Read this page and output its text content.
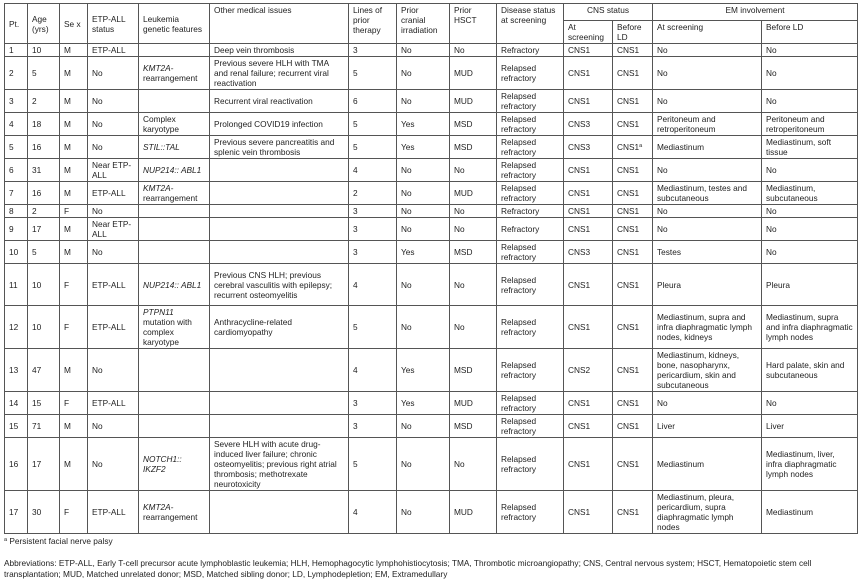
Pt.	Age (yrs)	Se x	ETP-ALL status	Leukemia genetic features	Other medical issues	Lines of prior therapy	Prior cranial irradiation	Prior HSCT	Disease status at screening	CNS status		EM involvement	
										At screening	Before LD	At screening	Before LD
1	10	M	ETP-ALL		Deep vein thrombosis	3	No	No	Refractory	CNS1	CNS1	No	No
2	5	M	No	KMT2A-
rearrangement	Previous severe HLH with TMA and renal failure; recurrent viral reactivation	5	No	MUD	Relapsed refractory	CNS1	CNS1	No	No
3	2	M	No		Recurrent viral reactivation	6	No	MUD	Relapsed refractory	CNS1	CNS1	No	No
4	18	M	No	Complex karyotype	Prolonged COVID19 infection	5	Yes	MSD	Relapsed refractory	CNS3	CNS1	Peritoneum and retroperitoneum	Peritoneum and retroperitoneum
5	16	M	No	STIL::TAL	Previous severe pancreatitis and splenic vein thrombosis	5	Yes	MSD	Relapsed refractory	CNS3	CNS1$^a$	Mediastinum	Mediastinum, soft tissue
6	31	M	Near ETP-ALL	NUP214:: ABL1		4	No	No	Relapsed refractory	CNS1	CNS1	No	No
7	16	M	ETP-ALL	KMT2A-
rearrangement		2	No	MUD	Relapsed refractory	CNS1	CNS1	Mediastinum, testes and subcutaneous	Mediastinum, subcutaneous
8	2	F	No			3	No	No	Refractory	CNS1	CNS1	No	No
9	17	M	Near ETP-ALL			3	No	No	Refractory	CNS1	CNS1	No	No
10	5	M	No			3	Yes	MSD	Relapsed refractory	CNS3	CNS1	Testes	No
11	10	F	ETP-ALL	NUP214:: ABL1	Previous CNS HLH; previous cerebral vasculitis with epilepsy; recurrent osteomyelitis	4	No	No	Relapsed refractory	CNS1	CNS1	Pleura	Pleura
12	10	F	ETP-ALL	PTPN11
mutation with complex karyotype	Anthracycline-related cardiomyopathy	5	No	No	Relapsed refractory	CNS1	CNS1	Mediastinum, supra and infra diaphragmatic lymph nodes, kidneys	Mediastinum, supra and infra diaphragmatic lymph nodes
13	47	M	No			4	Yes	MSD	Relapsed refractory	CNS2	CNS1	Mediastinum, kidneys, bone, nasopharynx, pericardium, skin and subcutaneous	Hard palate, skin and subcutaneous
14	15	F	ETP-ALL			3	Yes	MUD	Relapsed refractory	CNS1	CNS1	No	No
15	71	M	No			3	No	MSD	Relapsed refractory	CNS1	CNS1	Liver	Liver
16	17	M	No	NOTCH1:: IKZF2	Severe HLH with acute drug-induced liver failure; chronic osteomyelitis; previous right atrial thrombosis; methotrexate neurotoxicity	5	No	No	Relapsed refractory	CNS1	CNS1	Mediastinum	Mediastinum, liver, infra diaphragmatic lymph nodes
17	30	F	ETP-ALL	KMT2A-
rearrangement		4	No	MUD	Relapsed refractory	CNS1	CNS1	Mediastinum, pleura, pericardium, supra diaphragmatic lymph nodes	Mediastinum
$^a$ Persistent facial nerve palsy
Abbreviations: ETP-ALL, Early T-cell precursor acute lymphoblastic leukemia; HLH, Hemophagocytic lymphohistiocytosis; TMA, Thrombotic microangiopathy; CNS, Central nervous system; HSCT, Hematopoietic stem cell transplantation; MUD, Matched unrelated donor; MSD, Matched sibling donor; LD, Lymphodepletion; EM, Extramedullary
